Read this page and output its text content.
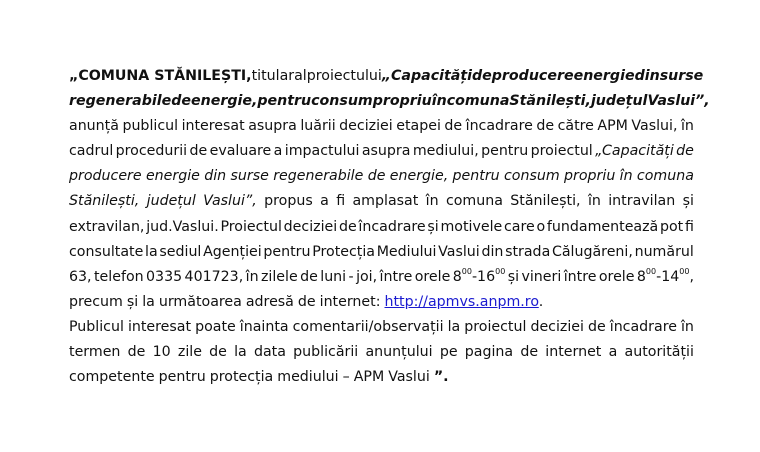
„COMUNA STĂNILEȘTI, titular al proiectului „Capacități de producere energie din surse
regenerabile de energie, pentru consum propriu în comuna Stănilești, județul Vaslui”,
anunță publicul interesat asupra luării deciziei etapei de încadrare de către APM Vaslui, în
cadrul procedurii de evaluare a impactului asupra mediului, pentru proiectul „Capacități de
producere energie din surse regenerabile de energie, pentru consum propriu în comuna
Stănilești, județul Vaslui”, propus a fi amplasat în comuna Stănilești, în intravilan și
extravilan, jud.Vaslui. Proiectul deciziei de încadrare și motivele care o fundamentează pot fi
consultate la sediul Agenției pentru Protecția Mediului Vaslui din strada Călugăreni, numărul
63, telefon 0335 401723, în zilele de luni - joi, între orele $8^{00}-16^{00}$ și vineri între orele $8^{00}-14^{00}$,
precum și la următoarea adresă de internet: http://apmvs.anpm.ro.
Publicul interesat poate înainta comentarii/observații la proiectul deciziei de încadrare în
termen de 10 zile de la data publicării anunțului pe pagina de internet a autorității
competente pentru protecția mediului – APM Vaslui ”.
